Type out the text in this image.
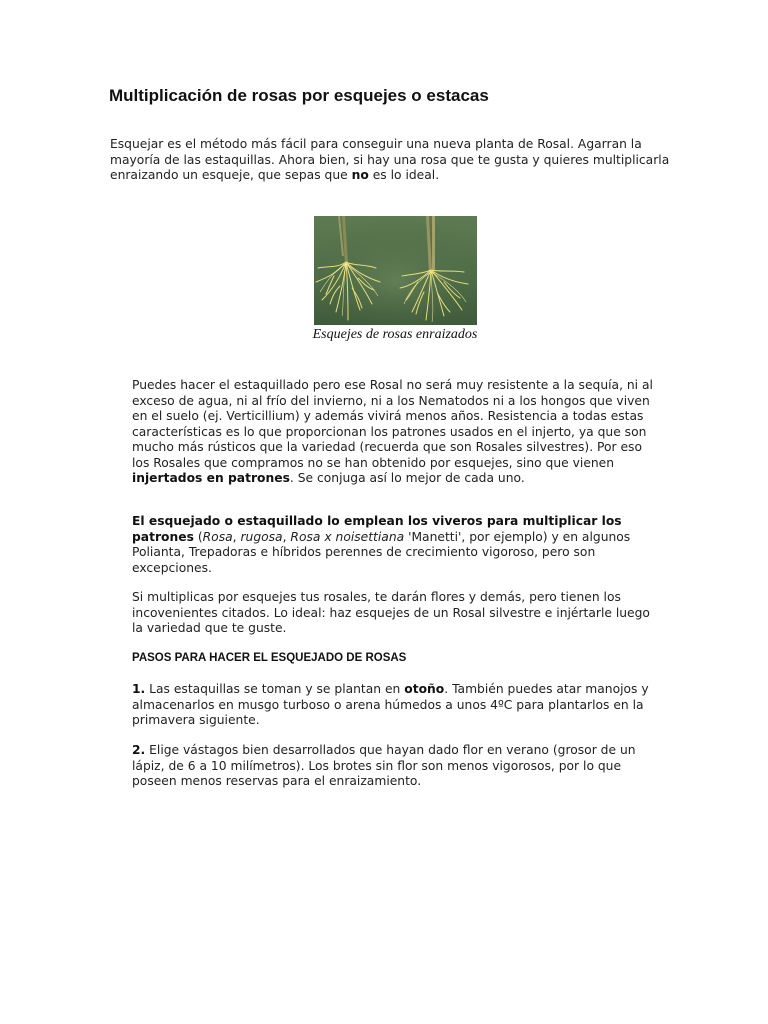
Multiplicación de rosas por esquejes o estacas

Esquejar es el método más fácil para conseguir una nueva planta de Rosal. Agarran la mayoría de las estaquillas. Ahora bien, si hay una rosa que te gusta y quieres multiplicarla enraizando un esqueje, que sepas que no es lo ideal.

Esquejes de rosas enraizados

Puedes hacer el estaquillado pero ese Rosal no será muy resistente a la sequía, ni al exceso de agua, ni al frío del invierno, ni a los Nematodos ni a los hongos que viven en el suelo (ej. Verticillium) y además vivirá menos años. Resistencia a todas estas características es lo que proporcionan los patrones usados en el injerto, ya que son mucho más rústicos que la variedad (recuerda que son Rosales silvestres). Por eso los Rosales que compramos no se han obtenido por esquejes, sino que vienen injertados en patrones. Se conjuga así lo mejor de cada uno.

El esquejado o estaquillado lo emplean los viveros para multiplicar los patrones (Rosa, rugosa, Rosa x noisettiana 'Manetti', por ejemplo) y en algunos Polianta, Trepadoras e híbridos perennes de crecimiento vigoroso, pero son excepciones.

Si multiplicas por esquejes tus rosales, te darán flores y demás, pero tienen los incovenientes citados. Lo ideal: haz esquejes de un Rosal silvestre e injértarle luego la variedad que te guste.

PASOS PARA HACER EL ESQUEJADO DE ROSAS

1. Las estaquillas se toman y se plantan en otoño. También puedes atar manojos y almacenarlos en musgo turboso o arena húmedos a unos 4ºC para plantarlos en la primavera siguiente.

2. Elige vástagos bien desarrollados que hayan dado flor en verano (grosor de un lápiz, de 6 a 10 milímetros). Los brotes sin flor son menos vigorosos, por lo que poseen menos reservas para el enraizamiento.
